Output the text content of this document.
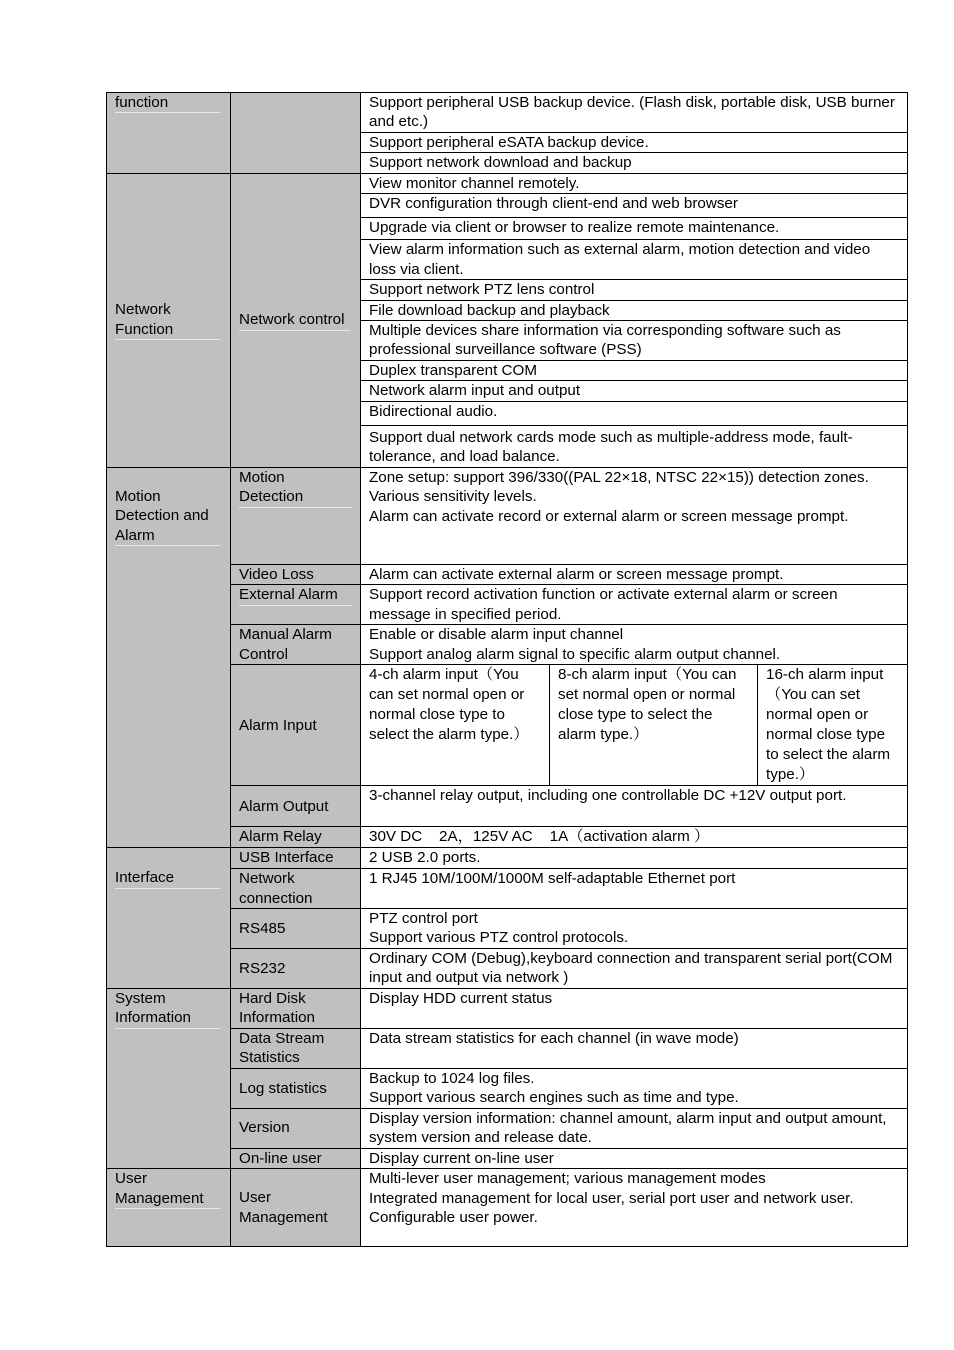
function		Support peripheral USB backup device. (Flash disk, portable disk, USB burner and etc.)		
		Support peripheral eSATA backup device.		
		Support network download and backup		

Network Function	Network control	View monitor channel remotely.		
		DVR configuration through client-end and web browser		
		Upgrade via client or browser to realize remote maintenance.		
		View alarm information such as external alarm, motion detection and video loss via client.		
		Support network PTZ lens control		
		File download backup and playback		
		Multiple devices share information via corresponding software such as professional surveillance software (PSS)		
		Duplex transparent COM		
		Network alarm input and output		
		Bidirectional audio.		
		Support dual network cards mode such as multiple-address mode, fault-tolerance, and load balance.		

Motion Detection and Alarm	Motion Detection	Zone setup: support 396/330((PAL 22×18, NTSC 22×15)) detection zones.
Various sensitivity levels.
Alarm can activate record or external alarm or screen message prompt.		

	Video Loss	Alarm can activate external alarm or screen message prompt.		

	External Alarm	Support record activation function or activate external alarm or screen message in specified period.		
	Manual Alarm Control	Enable or disable alarm input channel
Support analog alarm signal to specific alarm output channel.		

	Alarm Input	4-ch alarm input（You can set normal open or normal close type to select the alarm type.）	8-ch alarm input（You can set normal open or normal close type to select the alarm type.）	16-ch alarm input（You can set normal open or normal close type to select the alarm type.）
	Alarm Output	3-channel relay output, including one controllable DC +12V output port.		
	Alarm Relay	30V DC    2A，125V AC    1A（activation alarm ）		

Interface	USB Interface	2 USB 2.0 ports.		
	Network connection	1 RJ45 10M/100M/1000M self-adaptable Ethernet port		
	RS485	PTZ control port
Support various PTZ control protocols.		

	RS232	Ordinary COM (Debug),keyboard connection and transparent serial port(COM input and output via network )		

System Information	Hard Disk Information	Display HDD current status		
	Data Stream Statistics	Data stream statistics for each channel (in wave mode)		
	Log statistics	Backup to 1024 log files.
Support various search engines such as time and type.		

	Version	Display version information: channel amount, alarm input and output amount, system version and release date.		
	On-line user	Display current on-line user		

User Management	User Management	Multi-lever user management; various management modes
Integrated management for local user, serial port user and network user.
Configurable user power.		
